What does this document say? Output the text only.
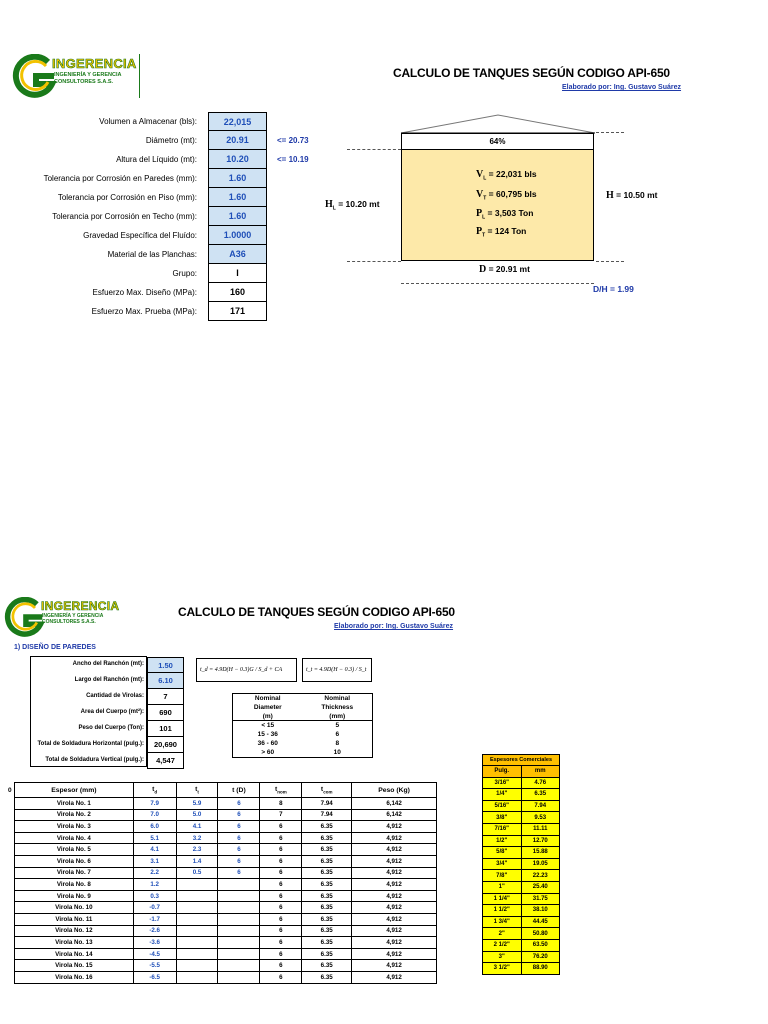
INGERENCIA
INGENIERÍA Y GERENCIA
CONSULTORES S.A.S.
CALCULO DE TANQUES SEGÚN CODIGO API-650
Elaborado por: Ing. Gustavo Suárez
Volumen a Almacenar (bls):	22,015
Diámetro (mt):	20.91	<= 20.73
Altura del Líquido (mt):	10.20	<= 10.19
Tolerancia por Corrosión en Paredes (mm):	1.60
Tolerancia por Corrosión en Piso (mm):	1.60
Tolerancia por Corrosión en Techo (mm):	1.60
Gravedad Específica del Fluído:	1.0000
Material de las Planchas:	A36
Grupo:	I
Esfuerzo Max. Diseño (MPa):	160
Esfuerzo Max. Prueba (MPa):	171
64%
$V_L = 22,031$ bls
$V_T = 60,795$ bls
$P_L = 3,503$ Ton
$P_T = 124$ Ton
$H_L = 10.20$ mt
H = 10.50 mt
D = 20.91 mt
D/H = 1.99
INGERENCIA
INGENIERÍA Y GERENCIA
CONSULTORES S.A.S.
CALCULO DE TANQUES SEGÚN CODIGO API-650
Elaborado por: Ing. Gustavo Suárez
1) DISEÑO DE PAREDES
Ancho del Ranchón (mt):	1.50
Largo del Ranchón (mt):	6.10
Cantidad de Virolas:	7
Area del Cuerpo (mt²):	690
Peso del Cuerpo (Ton):	101
Total de Soldadura Horizontal (pulg.):	20,690
Total de Soldadura Vertical (pulg.):	4,547
t_d = 4.9D(H − 0.3)G / S_d + CA	t_t = 4.9D(H − 0.3) / S_t
Nominal	Nominal
Diameter	Thickness
(m)	(mm)
< 15	5
15 - 36	6
36 - 60	8
> 60	10
0	Espesor (mm)	$t_d$	$t_t$	t (D)	$t_{nom}$	$t_{com}$	Peso (Kg)
Virola No. 1	7.9	5.9	6	8	7.94	6,142
Virola No. 2	7.0	5.0	6	7	7.94	6,142
Virola No. 3	6.0	4.1	6	6	6.35	4,912
Virola No. 4	5.1	3.2	6	6	6.35	4,912
Virola No. 5	4.1	2.3	6	6	6.35	4,912
Virola No. 6	3.1	1.4	6	6	6.35	4,912
Virola No. 7	2.2	0.5	6	6	6.35	4,912
Virola No. 8	1.2			6	6.35	4,912
Virola No. 9	0.3			6	6.35	4,912
Virola No. 10	-0.7			6	6.35	4,912
Virola No. 11	-1.7			6	6.35	4,912
Virola No. 12	-2.6			6	6.35	4,912
Virola No. 13	-3.6			6	6.35	4,912
Virola No. 14	-4.5			6	6.35	4,912
Virola No. 15	-5.5			6	6.35	4,912
Virola No. 16	-6.5			6	6.35	4,912
Espesores Comerciales	
Pulg.	mm
3/16"	4.76
1/4"	6.35
5/16"	7.94
3/8"	9.53
7/16"	11.11
1/2"	12.70
5/8"	15.88
3/4"	19.05
7/8"	22.23
1"	25.40
1 1/4"	31.75
1 1/2"	38.10
1 3/4"	44.45
2"	50.80
2 1/2"	63.50
3"	76.20
3 1/2"	88.90
